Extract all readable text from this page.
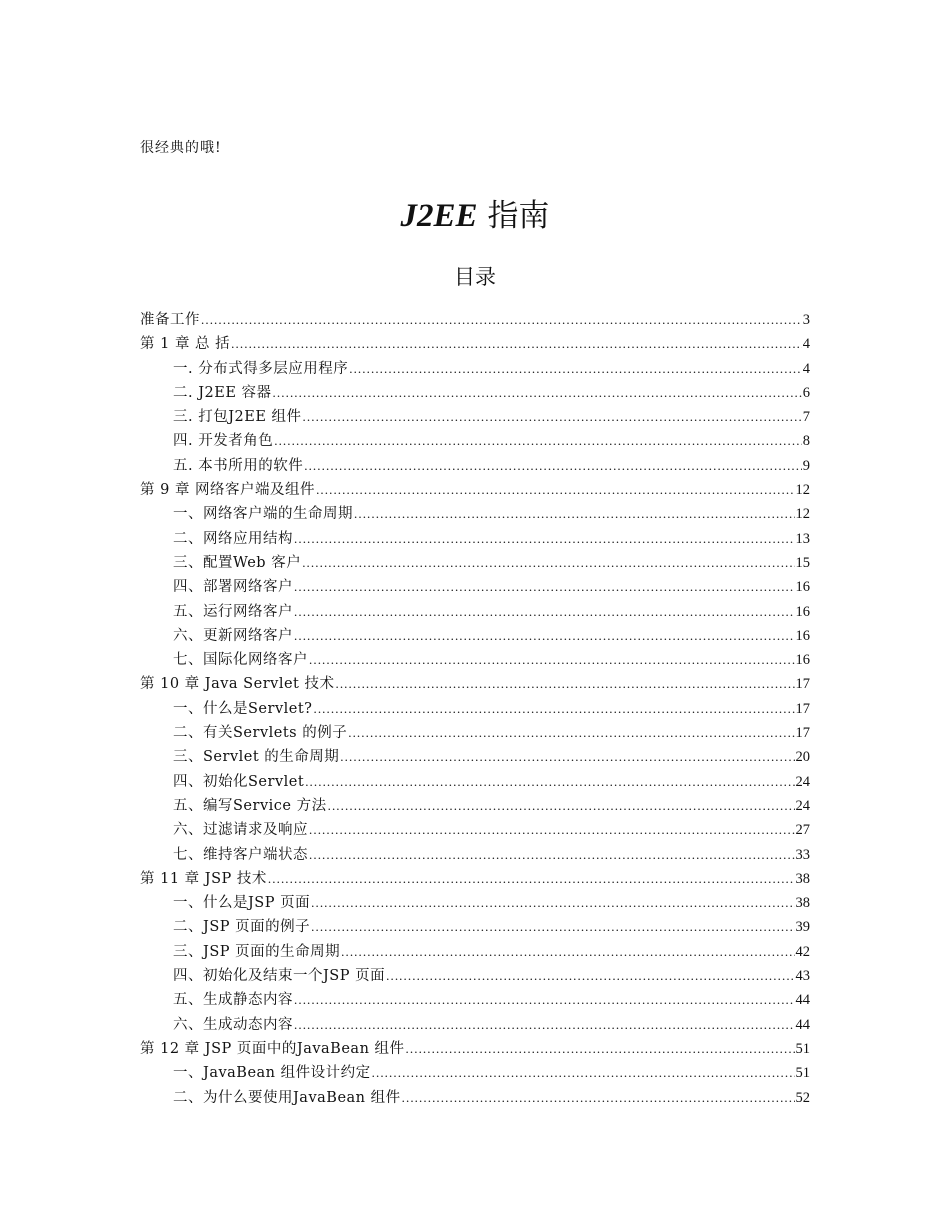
很经典的哦!
J2EE 指南
目录
准备工作 .....	3
第 1 章 总 括 .....	4
一. 分布式得多层应用程序 .....	4
二. J2EE 容器 .....	6
三. 打包J2EE 组件 .....	7
四. 开发者角色 .....	8
五. 本书所用的软件 .....	9
第 9 章 网络客户端及组件 .....	12
一、网络客户端的生命周期 .....	12
二、网络应用结构 .....	13
三、配置Web 客户 .....	15
四、部署网络客户 .....	16
五、运行网络客户 .....	16
六、更新网络客户 .....	16
七、国际化网络客户 .....	16
第 10 章 Java Servlet 技术 .....	17
一、什么是Servlet? .....	17
二、有关Servlets 的例子 .....	17
三、Servlet 的生命周期 .....	20
四、初始化Servlet .....	24
五、编写Service 方法 .....	24
六、过滤请求及响应 .....	27
七、维持客户端状态 .....	33
第 11 章 JSP 技术 .....	38
一、什么是JSP 页面 .....	38
二、JSP 页面的例子 .....	39
三、JSP 页面的生命周期 .....	42
四、初始化及结束一个JSP 页面 .....	43
五、生成静态内容 .....	44
六、生成动态内容 .....	44
第 12 章 JSP 页面中的JavaBean 组件 .....	51
一、JavaBean 组件设计约定 .....	51
二、为什么要使用JavaBean 组件 .....	52
